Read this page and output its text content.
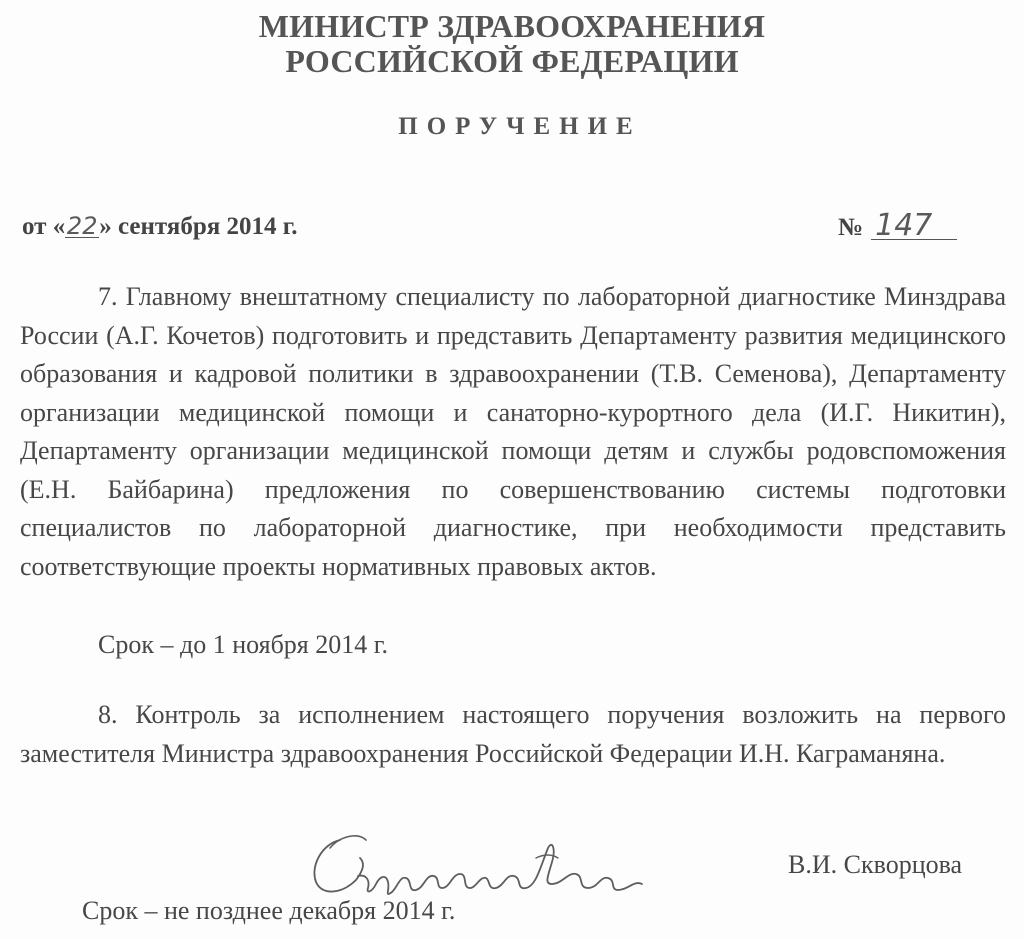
МИНИСТР ЗДРАВООХРАНЕНИЯ
РОССИЙСКОЙ ФЕДЕРАЦИИ
ПОРУЧЕНИЕ
от «22» сентября 2014 г.	№ 147

7. Главному внештатному специалисту по лабораторной диагностике Минздрава России (А.Г. Кочетов) подготовить и представить Департаменту развития медицинского образования и кадровой политики в здравоохранении (Т.В. Семенова), Департаменту организации медицинской помощи и санаторно-курортного дела (И.Г. Никитин), Департаменту организации медицинской помощи детям и службы родовспоможения (Е.Н. Байбарина) предложения по совершенствованию системы подготовки специалистов по лабораторной диагностике, при необходимости представить соответствующие проекты нормативных правовых актов.

Срок – до 1 ноября 2014 г.

8. Контроль за исполнением настоящего поручения возложить на первого заместителя Министра здравоохранения Российской Федерации И.Н. Каграманяна.

В.И. Скворцова
Срок – не позднее декабря 2014 г.
